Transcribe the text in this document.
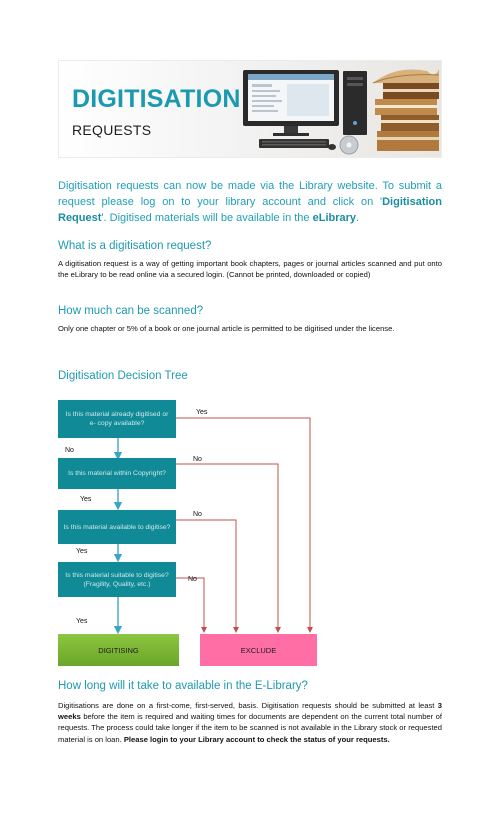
DIGITISATION
REQUESTS
Digitisation requests can now be made via the Library website. To submit a request please log on to your library account and click on 'Digitisation Request'. Digitised materials will be available in the eLibrary.
What is a digitisation request?
A digitisation request is a way of getting important book chapters, pages or journal articles scanned and put onto the eLibrary to be read online via a secured login. (Cannot be printed, downloaded or copied)
How much can be scanned?
Only one chapter or 5% of a book or one journal article is permitted to be digitised under the license.
Digitisation Decision Tree
Is this material already digitised or e- copy available?
Is this material within Copyright?
Is this material available to digitise?
Is this material suitable to digitise? (Fragility, Quality, etc.)
Yes
No
No
No
No
Yes
Yes
Yes
DIGITISING	EXCLUDE
How long will it take to available in the E-Library?
Digitisations are done on a first-come, first-served, basis. Digitisation requests should be submitted at least 3 weeks before the item is required and waiting times for documents are dependent on the current total number of requests. The process could take longer if the item to be scanned is not available in the Library stock or requested material is on loan. Please login to your Library account to check the status of your requests.
